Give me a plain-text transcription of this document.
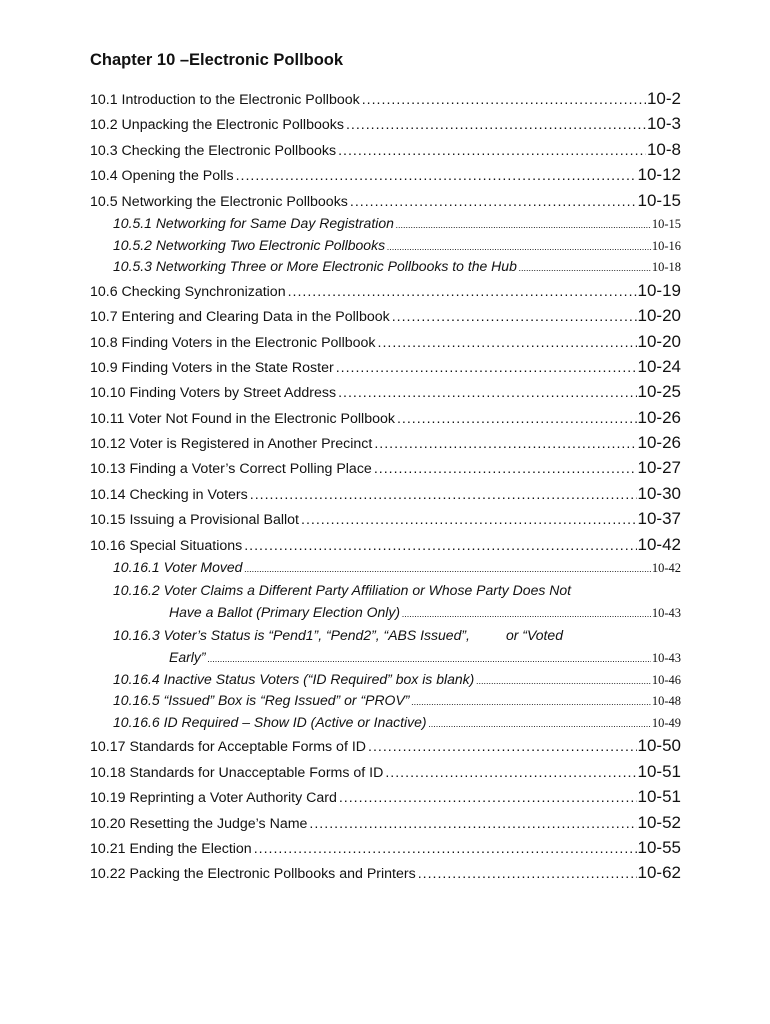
Chapter 10 –Electronic Pollbook
10.1 Introduction to the Electronic Pollbook .....	10-2
10.2 Unpacking the Electronic Pollbooks .....	10-3
10.3 Checking the Electronic Pollbooks .....	10-8
10.4 Opening the Polls .....	10-12
10.5 Networking the Electronic Pollbooks .....	10-15
10.5.1 Networking for Same Day Registration .....	10-15
10.5.2 Networking Two Electronic Pollbooks .....	10-16
10.5.3 Networking Three or More Electronic Pollbooks to the Hub .....	10-18
10.6 Checking Synchronization .....	10-19
10.7 Entering and Clearing Data in the Pollbook .....	10-20
10.8 Finding Voters in the Electronic Pollbook .....	10-20
10.9 Finding Voters in the State Roster .....	10-24
10.10 Finding Voters by Street Address .....	10-25
10.11 Voter Not Found in the Electronic Pollbook .....	10-26
10.12 Voter is Registered in Another Precinct .....	10-26
10.13 Finding a Voter’s Correct Polling Place .....	10-27
10.14 Checking in Voters .....	10-30
10.15 Issuing a Provisional Ballot .....	10-37
10.16 Special Situations .....	10-42
10.16.1 Voter Moved .....	10-42
10.16.2 Voter Claims a Different Party Affiliation or Whose Party Does Not
Have a Ballot (Primary Election Only) .....	10-43
10.16.3 Voter’s Status is “Pend1”, “Pend2”, “ABS Issued”,	or “Voted
Early” .....	10-43
10.16.4 Inactive Status Voters (“ID Required” box is blank) .....	10-46
10.16.5 “Issued” Box is “Reg Issued” or “PROV” .....	10-48
10.16.6 ID Required – Show ID (Active or Inactive) .....	10-49
10.17 Standards for Acceptable Forms of ID .....	10-50
10.18 Standards for Unacceptable Forms of ID .....	10-51
10.19 Reprinting a Voter Authority Card .....	10-51
10.20 Resetting the Judge’s Name .....	10-52
10.21 Ending the Election .....	10-55
10.22 Packing the Electronic Pollbooks and Printers .....	10-62
